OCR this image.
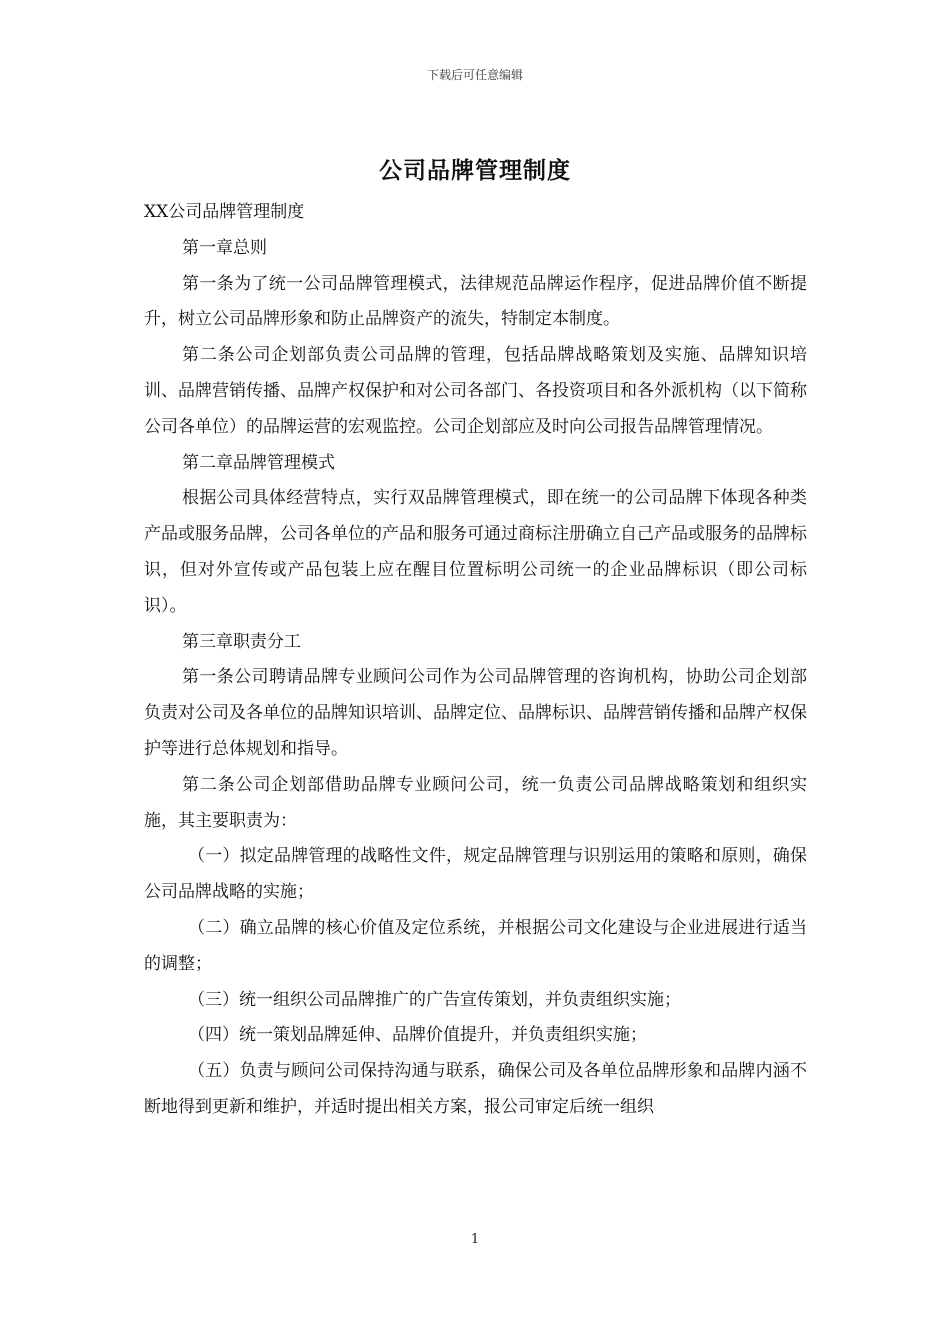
下载后可任意编辑
公司品牌管理制度

XX公司品牌管理制度

第一章总则

第一条为了统一公司品牌管理模式，法律规范品牌运作程序，促进品牌价值不断提升，树立公司品牌形象和防止品牌资产的流失，特制定本制度。

第二条公司企划部负责公司品牌的管理，包括品牌战略策划及实施、品牌知识培训、品牌营销传播、品牌产权保护和对公司各部门、各投资项目和各外派机构（以下简称公司各单位）的品牌运营的宏观监控。公司企划部应及时向公司报告品牌管理情况。

第二章品牌管理模式

根据公司具体经营特点，实行双品牌管理模式，即在统一的公司品牌下体现各种类产品或服务品牌，公司各单位的产品和服务可通过商标注册确立自己产品或服务的品牌标识，但对外宣传或产品包装上应在醒目位置标明公司统一的企业品牌标识（即公司标识）。

第三章职责分工

第一条公司聘请品牌专业顾问公司作为公司品牌管理的咨询机构，协助公司企划部负责对公司及各单位的品牌知识培训、品牌定位、品牌标识、品牌营销传播和品牌产权保护等进行总体规划和指导。

第二条公司企划部借助品牌专业顾问公司，统一负责公司品牌战略策划和组织实施，其主要职责为：

（一）拟定品牌管理的战略性文件，规定品牌管理与识别运用的策略和原则，确保公司品牌战略的实施；

（二）确立品牌的核心价值及定位系统，并根据公司文化建设与企业进展进行适当的调整；

（三）统一组织公司品牌推广的广告宣传策划，并负责组织实施；

（四）统一策划品牌延伸、品牌价值提升，并负责组织实施；

（五）负责与顾问公司保持沟通与联系，确保公司及各单位品牌形象和品牌内涵不断地得到更新和维护，并适时提出相关方案，报公司审定后统一组织

1
